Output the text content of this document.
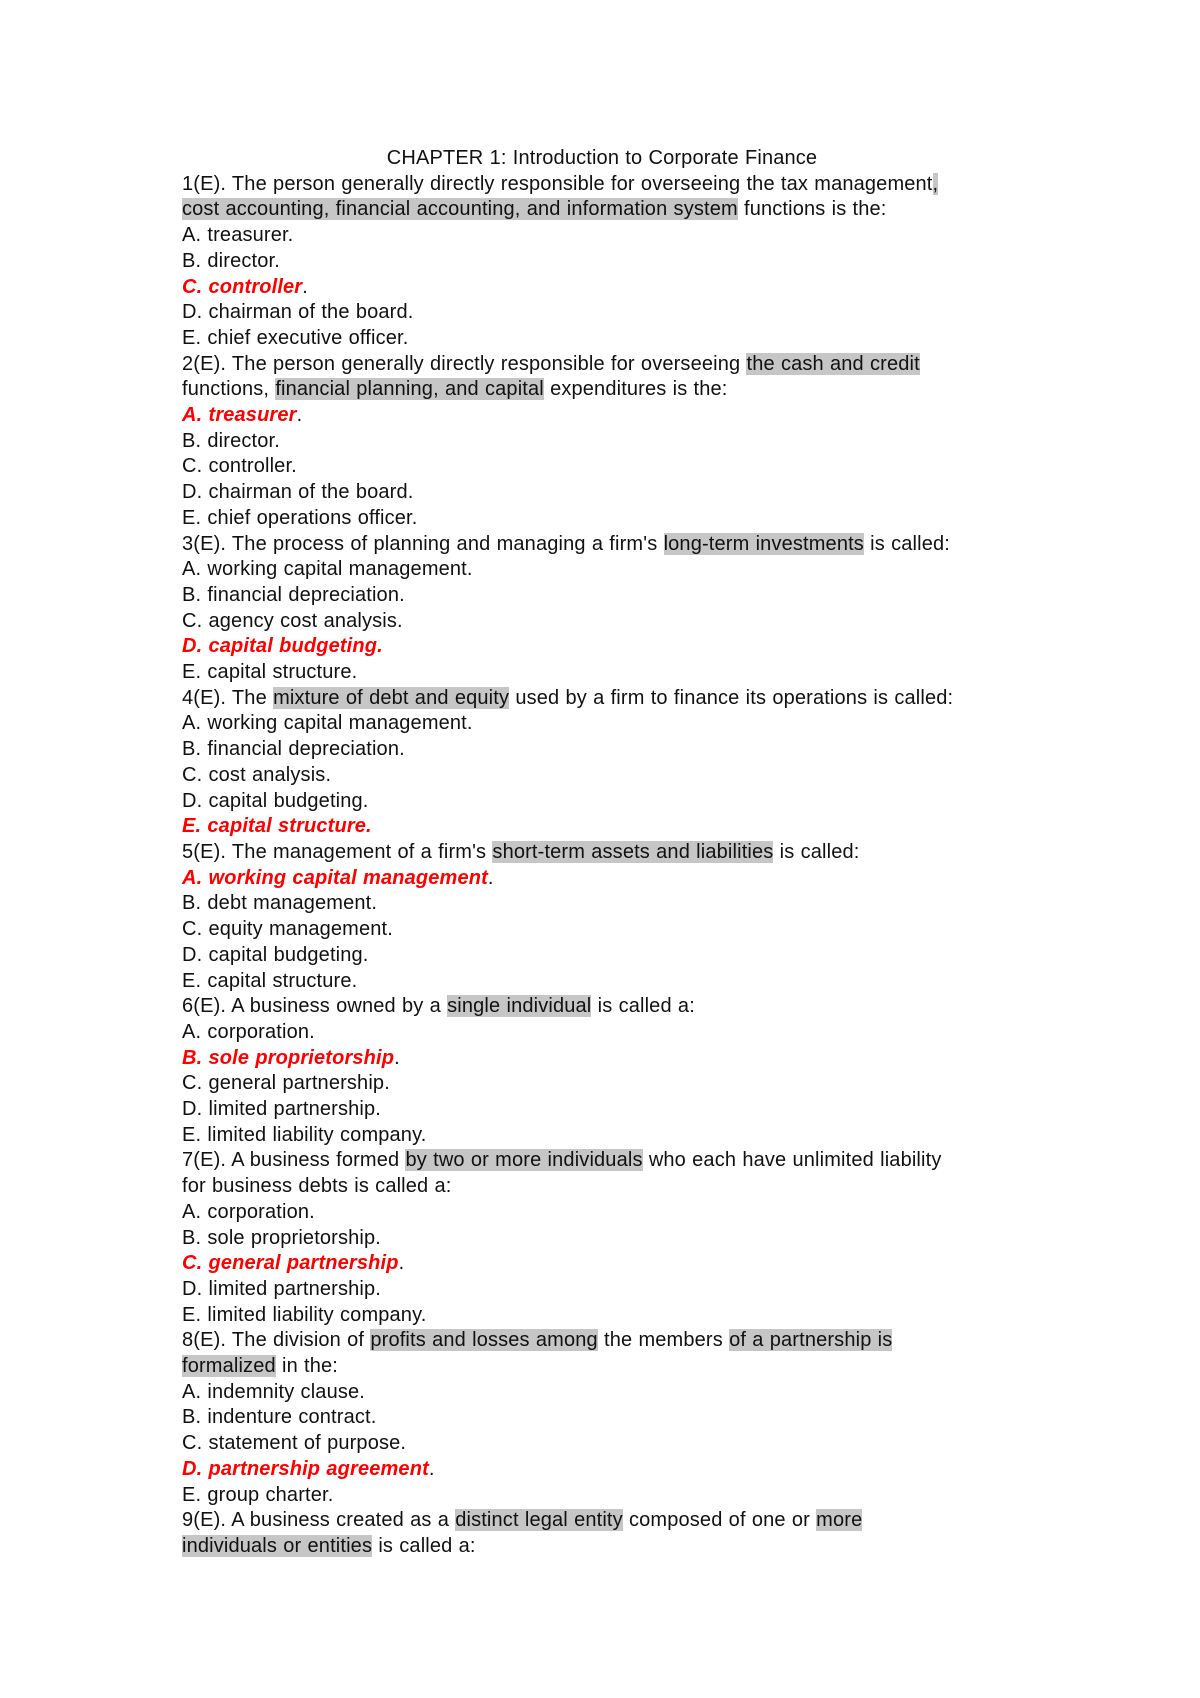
CHAPTER 1: Introduction to Corporate Finance
1(E). The person generally directly responsible for overseeing the tax management,
cost accounting, financial accounting, and information system functions is the:
A. treasurer.
B. director.
C. controller.
D. chairman of the board.
E. chief executive officer.
2(E). The person generally directly responsible for overseeing the cash and credit
functions, financial planning, and capital expenditures is the:
A. treasurer.
B. director.
C. controller.
D. chairman of the board.
E. chief operations officer.
3(E). The process of planning and managing a firm's long-term investments is called:
A. working capital management.
B. financial depreciation.
C. agency cost analysis.
D. capital budgeting.
E. capital structure.
4(E). The mixture of debt and equity used by a firm to finance its operations is called:
A. working capital management.
B. financial depreciation.
C. cost analysis.
D. capital budgeting.
E. capital structure.
5(E). The management of a firm's short-term assets and liabilities is called:
A. working capital management.
B. debt management.
C. equity management.
D. capital budgeting.
E. capital structure.
6(E). A business owned by a single individual is called a:
A. corporation.
B. sole proprietorship.
C. general partnership.
D. limited partnership.
E. limited liability company.
7(E). A business formed by two or more individuals who each have unlimited liability
for business debts is called a:
A. corporation.
B. sole proprietorship.
C. general partnership.
D. limited partnership.
E. limited liability company.
8(E). The division of profits and losses among the members of a partnership is
formalized in the:
A. indemnity clause.
B. indenture contract.
C. statement of purpose.
D. partnership agreement.
E. group charter.
9(E). A business created as a distinct legal entity composed of one or more
individuals or entities is called a:
